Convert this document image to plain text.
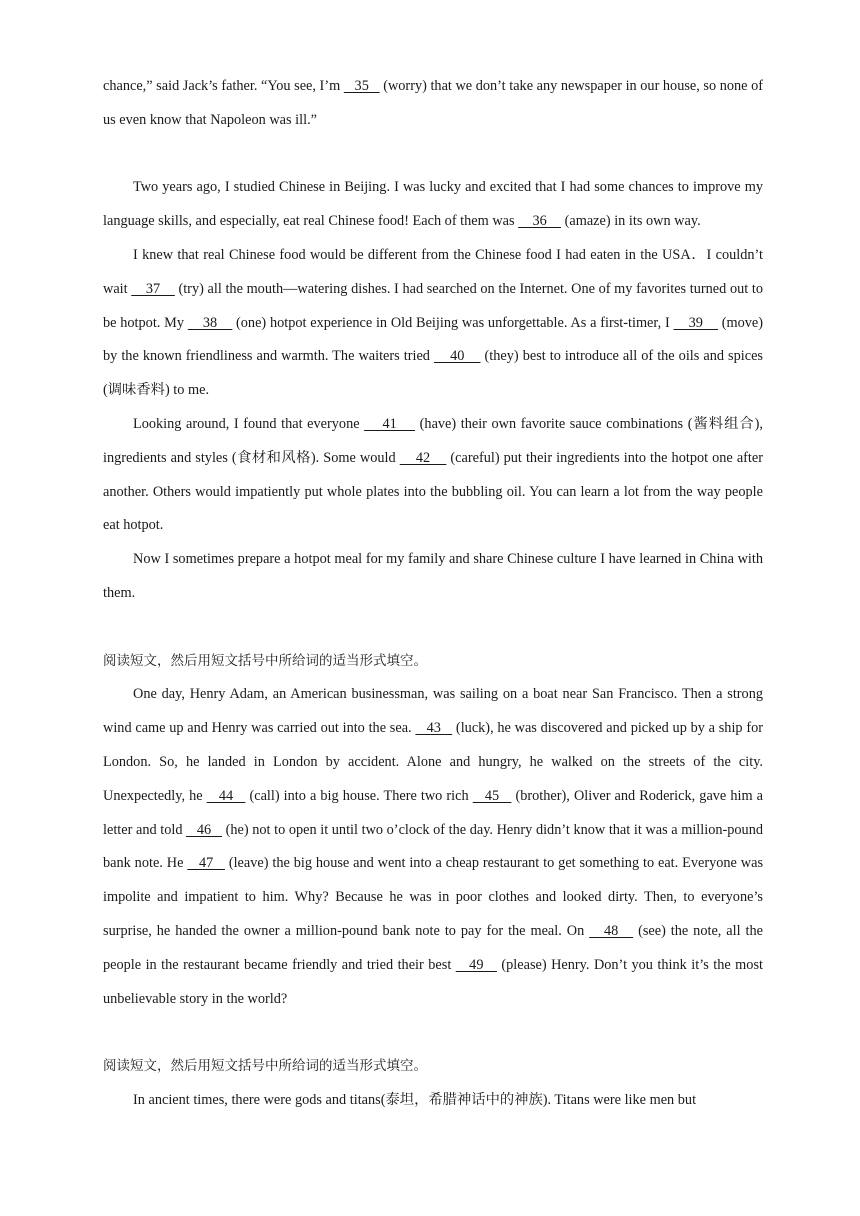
chance,” said Jack’s father. “You see, I’m    35    (worry) that we don’t take any newspaper in our house, so none of us even know that Napoleon was ill.”

Two years ago, I studied Chinese in Beijing. I was lucky and excited that I had some chances to improve my language skills, and especially, eat real Chinese food! Each of them was     36     (amaze) in its own way.

I knew that real Chinese food would be different from the Chinese food I had eaten in the USA．I couldn’t wait     37     (try) all the mouth—watering dishes. I had searched on the Internet. One of my favorites turned out to be hotpot. My     38     (one) hotpot experience in Old Beijing was unforgettable. As a first-timer, I     39     (move) by the known friendliness and warmth. The waiters tried     40     (they) best to introduce all of the oils and spices (调味香料) to me.

Looking around, I found that everyone     41     (have) their own favorite sauce combinations (酱料组合), ingredients and styles (食材和风格). Some would     42     (careful) put their ingredients into the hotpot one after another. Others would impatiently put whole plates into the bubbling oil. You can learn a lot from the way people eat hotpot.

Now I sometimes prepare a hotpot meal for my family and share Chinese culture I have learned in China with them.

阅读短文，然后用短文括号中所给词的适当形式填空。

One day, Henry Adam, an American businessman, was sailing on a boat near San Francisco. Then a strong wind came up and Henry was carried out into the sea.    43    (luck), he was discovered and picked up by a ship for London. So, he landed in London by accident. Alone and hungry, he walked on the streets of the city. Unexpectedly, he    44    (call) into a big house. There two rich    45    (brother), Oliver and Roderick, gave him a letter and told    46    (he) not to open it until two o’clock of the day. Henry didn’t know that it was a million-pound bank note. He    47    (leave) the big house and went into a cheap restaurant to get something to eat. Everyone was impolite and impatient to him. Why? Because he was in poor clothes and looked dirty. Then, to everyone’s surprise, he handed the owner a million-pound bank note to pay for the meal. On    48    (see) the note, all the people in the restaurant became friendly and tried their best    49    (please) Henry. Don’t you think it’s the most unbelievable story in the world?

阅读短文，然后用短文括号中所给词的适当形式填空。

In ancient times, there were gods and titans(泰坦，希腊神话中的神族). Titans were like men but
